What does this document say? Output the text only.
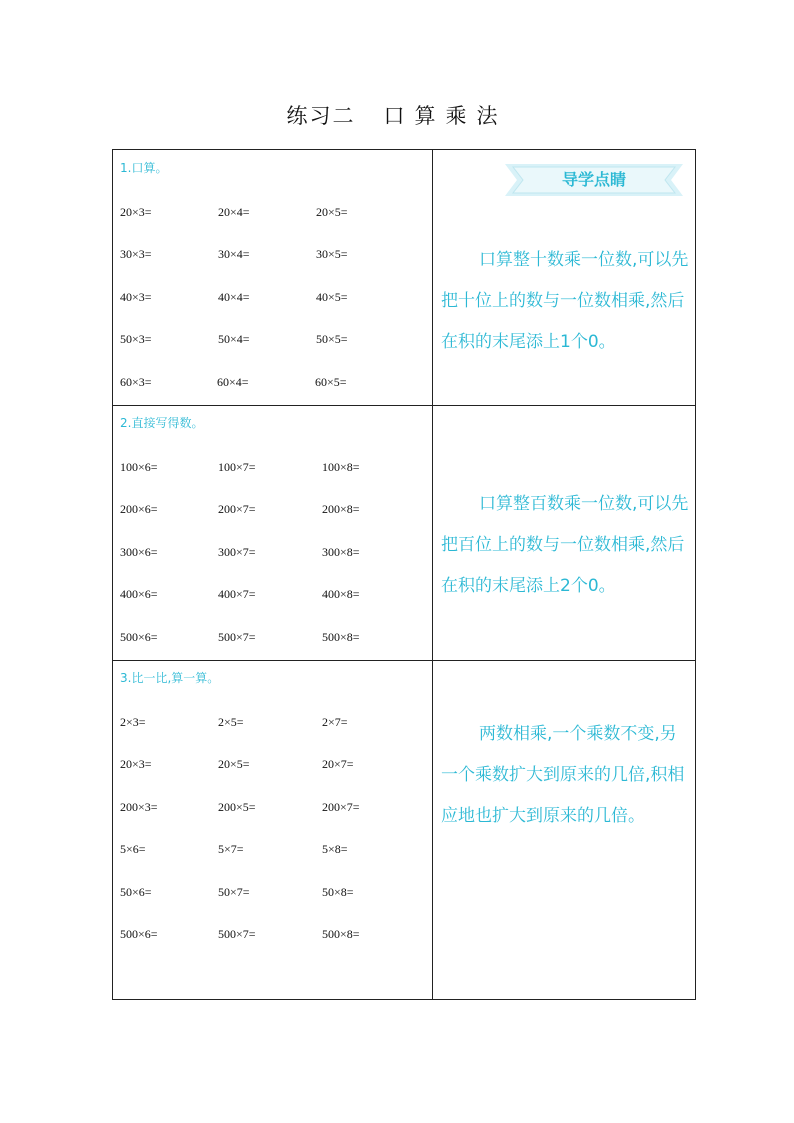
练习二 口算乘法
导学点睛
1.口算。
20×3=	20×4=	20×5=
30×3=	30×4=	30×5=
40×3=	40×4=	40×5=
50×3=	50×4=	50×5=
60×3=	60×4=	60×5=
口算整十数乘一位数,可以先把十位上的数与一位数相乘,然后在积的末尾添上1个0。
2.直接写得数。
100×6=	100×7=	100×8=
200×6=	200×7=	200×8=
300×6=	300×7=	300×8=
400×6=	400×7=	400×8=
500×6=	500×7=	500×8=
口算整百数乘一位数,可以先把百位上的数与一位数相乘,然后在积的末尾添上2个0。
3.比一比,算一算。
2×3=	2×5=	2×7=
20×3=	20×5=	20×7=
200×3=	200×5=	200×7=
5×6=	5×7=	5×8=
50×6=	50×7=	50×8=
500×6=	500×7=	500×8=
两数相乘,一个乘数不变,另一个乘数扩大到原来的几倍,积相应地也扩大到原来的几倍。
